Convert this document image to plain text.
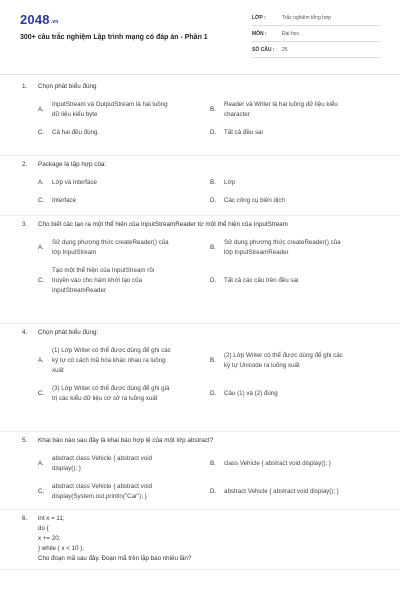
2048.vn
300+ câu trắc nghiệm Lập trình mạng có đáp án - Phần 1
LỚP :	Trắc nghiệm tổng hợp
MÔN :	Đại học
SỐ CÂU :	25
1. Chọn phát biểu đúng
A.
InputStream và OutputStream là hai luồng
dữ liệu kiểu byte
B.
Reader và Writer là hai luồng dữ liệu kiểu
character
C.	Cả hai đều đúng.	D.	Tất cả đều sai
2. Package là tập hợp của:
A.	Lớp và Interface	B.	Lớp
C.	Interface	D.	Các công cụ biên dịch
3. Cho biết các tạo ra một thể hiện của InputStreamReader từ một thể hiện của InputStream
A.
Sử dụng phương thức createReader() của
lớp InputStream
B.
Sử dụng phương thức createReader() của
lớp InputStreamReader
C.
Tạo một thể hiện của InputStream rồi
truyền vào cho hàm khởi tạo của
InputStreamReader
D.	Tất cả các câu trên đều sai
4. Chọn phát biểu đúng:
A.
(1) Lớp Writer có thể được dùng để ghi các
ký tự có cách mã hóa khác nhau ra luồng
xuất
B.
(2) Lớp Writer có thể được dùng để ghi các
ký tự Unicode ra luồng xuất
C.
(3) Lớp Writer có thể được dùng để ghi giá
trị các kiểu dữ liệu cơ sở ra luồng xuất
D.	Câu (1) và (2) đúng
5. Khai báo nào sau đây là khai báo hợp lệ của một lớp abstract?
A.
abstract class Vehicle { abstract void
display(); }
B.	class Vehicle { abstract void display(); }
C.
abstract class Vehicle { abstract void
display(System.out.println("Car"); }
D.	abstract Vehicle { abstract void display(); }
6. int x = 11;
do {
x += 20;
} while ( x < 10 );
Cho đoạn mã sau đây. Đoạn mã trên lặp bao nhiêu lần?
